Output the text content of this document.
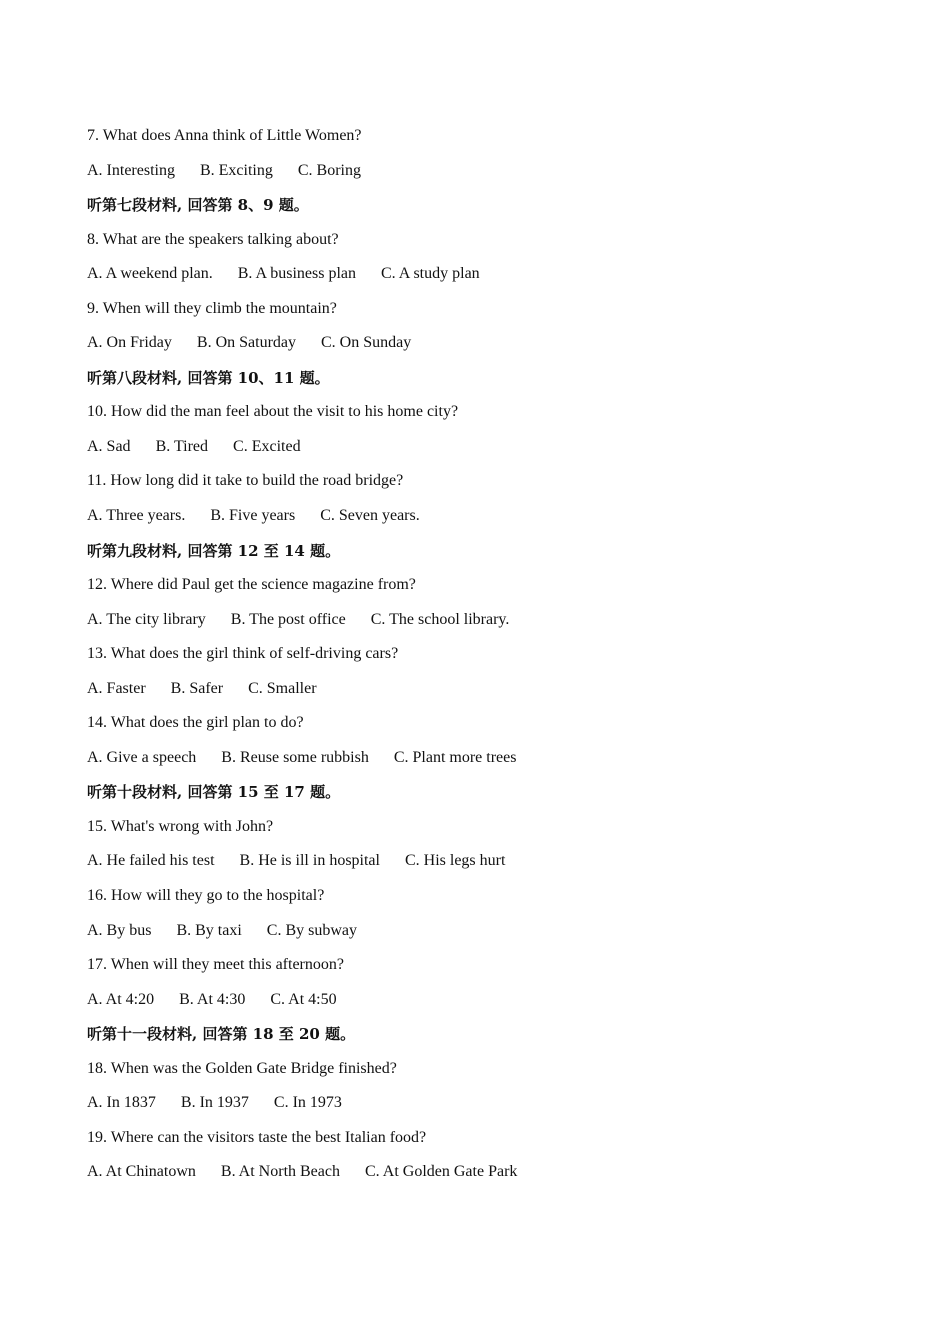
7. What does Anna think of Little Women?
A. Interesting B. Exciting C. Boring
听第七段材料, 回答第 8、9 题。
8. What are the speakers talking about?
A. A weekend plan. B. A business plan C. A study plan
9. When will they climb the mountain?
A. On Friday B. On Saturday C. On Sunday
听第八段材料, 回答第 10、11 题。
10. How did the man feel about the visit to his home city?
A. Sad B. Tired C. Excited
11. How long did it take to build the road bridge?
A. Three years. B. Five years C. Seven years.
听第九段材料, 回答第 12 至 14 题。
12. Where did Paul get the science magazine from?
A. The city library B. The post office C. The school library.
13. What does the girl think of self-driving cars?
A. Faster B. Safer C. Smaller
14. What does the girl plan to do?
A. Give a speech B. Reuse some rubbish C. Plant more trees
听第十段材料, 回答第 15 至 17 题。
15. What's wrong with John?
A. He failed his test B. He is ill in hospital C. His legs hurt
16. How will they go to the hospital?
A. By bus B. By taxi C. By subway
17. When will they meet this afternoon?
A. At 4:20 B. At 4:30 C. At 4:50
听第十一段材料, 回答第 18 至 20 题。
18. When was the Golden Gate Bridge finished?
A. In 1837 B. In 1937 C. In 1973
19. Where can the visitors taste the best Italian food?
A. At Chinatown B. At North Beach C. At Golden Gate Park
